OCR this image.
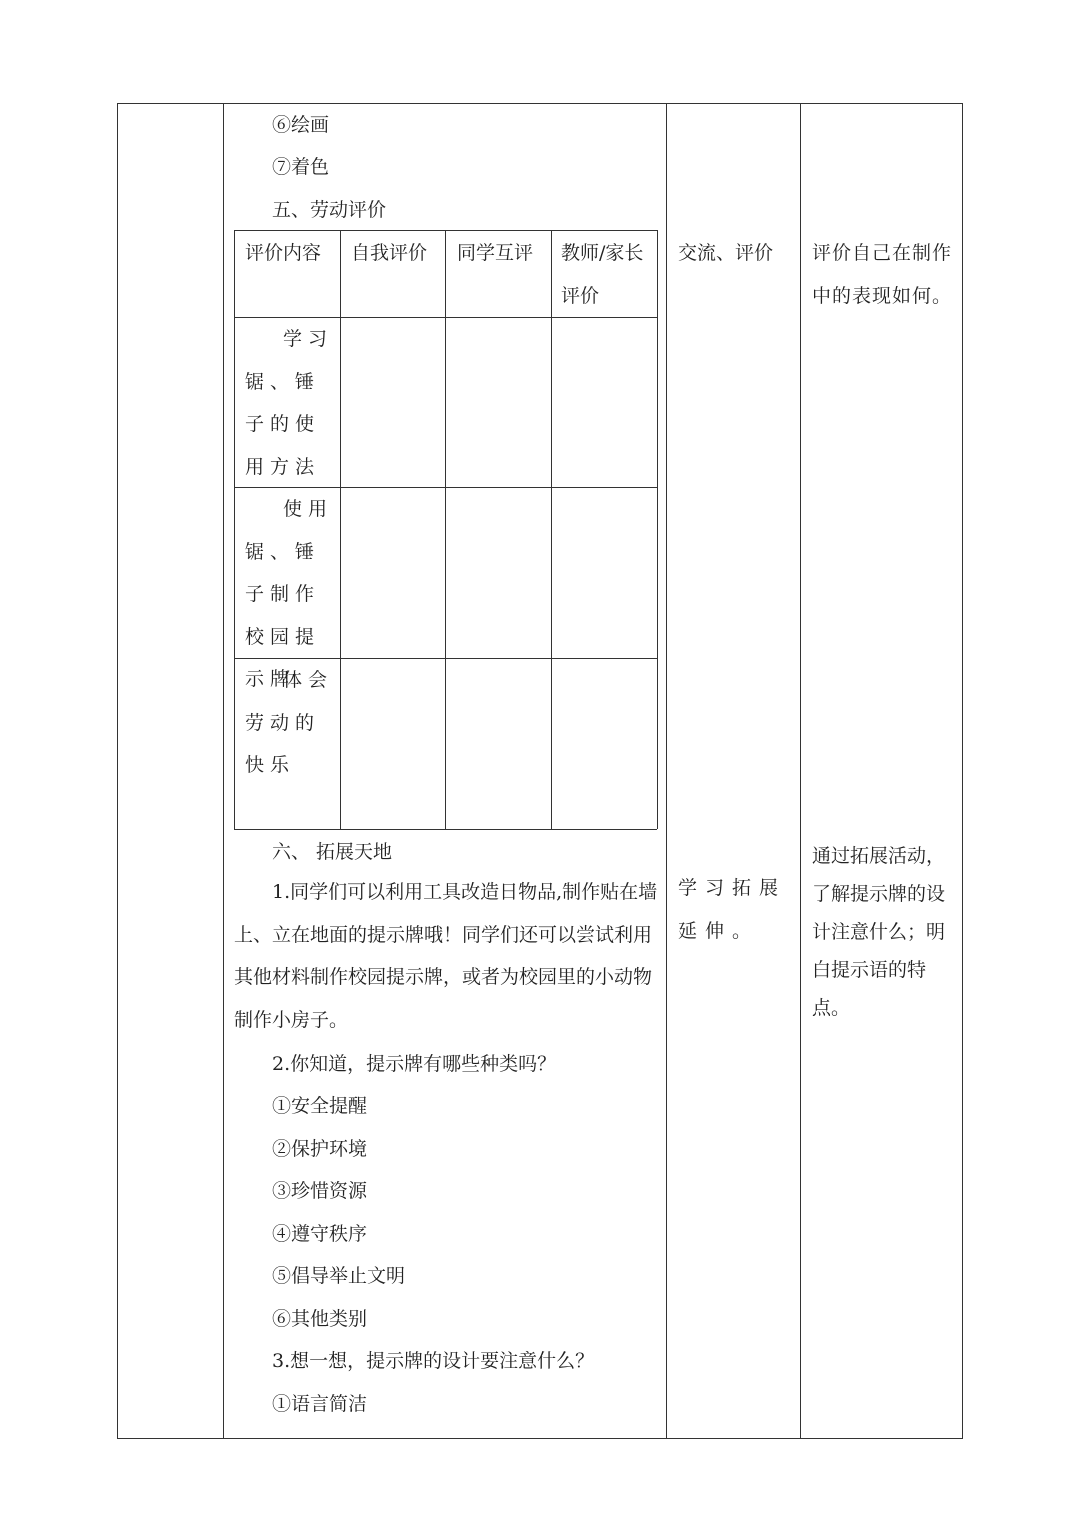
⑥绘画
⑦着色
五、劳动评价
评价内容 自我评价 同学互评 教师/家长评价
学习锯、锤子的使用方法
使用锯、锤子制作校园提示牌
体会劳动的快乐
六、 拓展天地
1.同学们可以利用工具改造日物品,制作贴在墙上、立在地面的提示牌哦！同学们还可以尝试利用其他材料制作校园提示牌，或者为校园里的小动物制作小房子。
2.你知道，提示牌有哪些种类吗？
①安全提醒
②保护环境
③珍惜资源
④遵守秩序
⑤倡导举止文明
⑥其他类别
3.想一想，提示牌的设计要注意什么？
①语言简洁
交流、评价
学习拓展延伸。
评价自己在制作中的表现如何。
通过拓展活动，了解提示牌的设计注意什么；明白提示语的特点。
